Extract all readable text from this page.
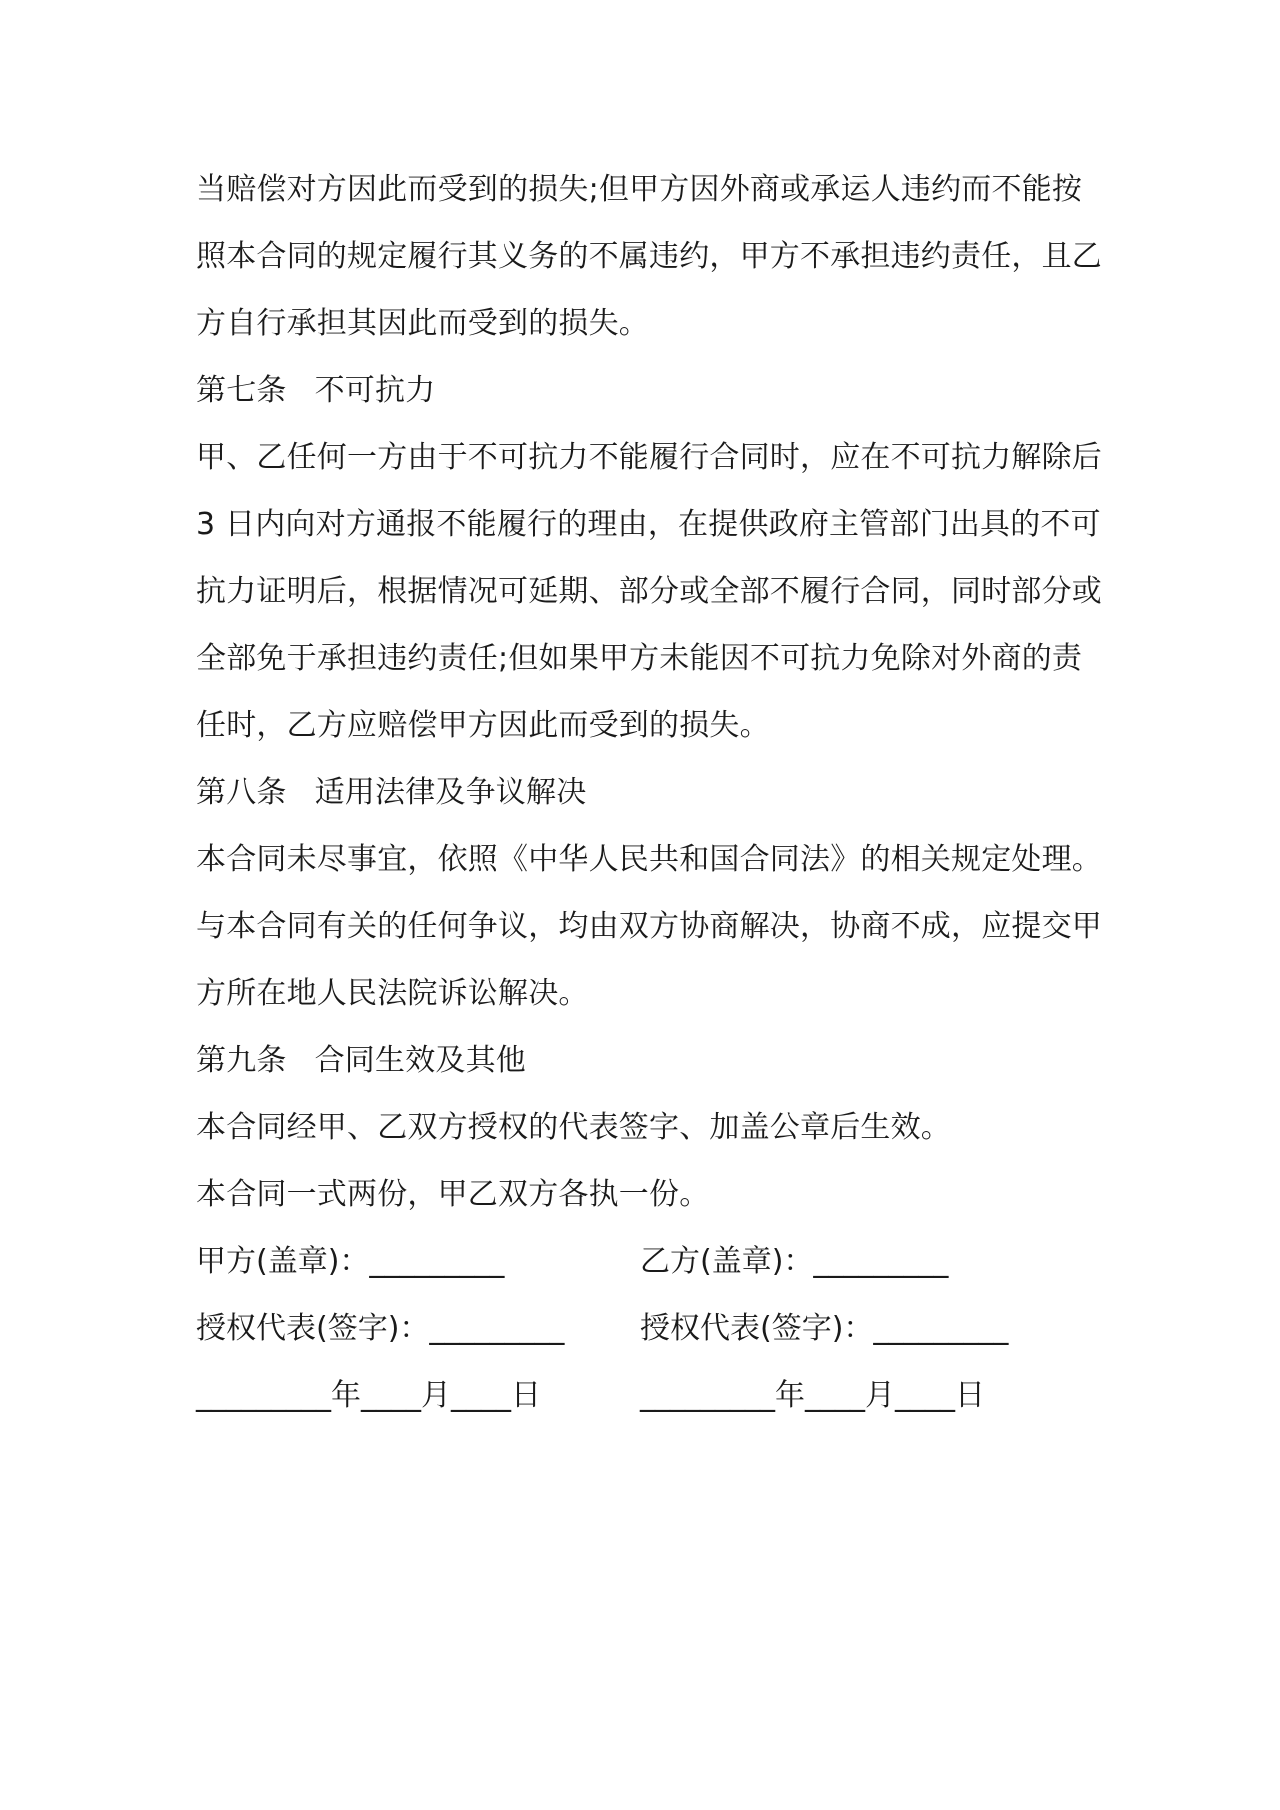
当赔偿对方因此而受到的损失;但甲方因外商或承运人违约而不能按
照本合同的规定履行其义务的不属违约，甲方不承担违约责任，且乙
方自行承担其因此而受到的损失。
第七条 不可抗力
甲、乙任何一方由于不可抗力不能履行合同时，应在不可抗力解除后
3 日内向对方通报不能履行的理由，在提供政府主管部门出具的不可
抗力证明后，根据情况可延期、部分或全部不履行合同，同时部分或
全部免于承担违约责任;但如果甲方未能因不可抗力免除对外商的责
任时，乙方应赔偿甲方因此而受到的损失。
第八条 适用法律及争议解决
本合同未尽事宜，依照《中华人民共和国合同法》的相关规定处理。
与本合同有关的任何争议，均由双方协商解决，协商不成，应提交甲
方所在地人民法院诉讼解决。
第九条 合同生效及其他
本合同经甲、乙双方授权的代表签字、加盖公章后生效。
本合同一式两份，甲乙双方各执一份。
甲方(盖章)：_________	乙方(盖章)：_________
授权代表(签字)：_________	授权代表(签字)：_________
_________年____月____日	_________年____月____日
